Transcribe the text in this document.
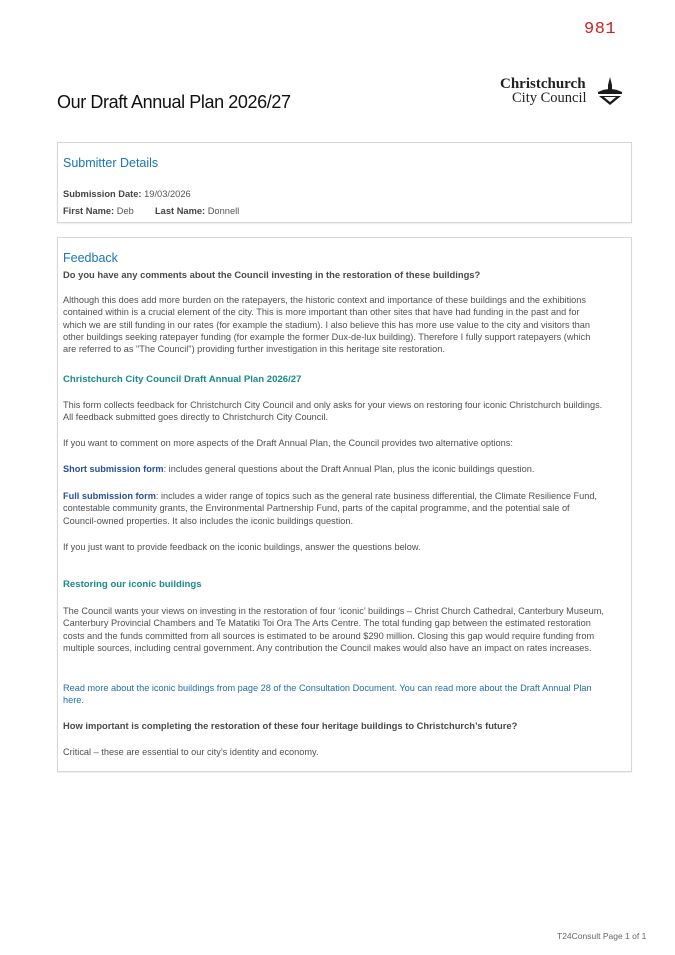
981
Christchurch
City Council
Our Draft Annual Plan 2026/27
Submitter Details
Submission Date: 19/03/2026
First Name: Deb Last Name: Donnell
Feedback

Do you have any comments about the Council investing in the restoration of these buildings?

Although this does add more burden on the ratepayers, the historic context and importance of these buildings and the exhibitions contained within is a crucial element of the city. This is more important than other sites that have had funding in the past and for which we are still funding in our rates (for example the stadium). I also believe this has more use value to the city and visitors than other buildings seeking ratepayer funding (for example the former Dux-de-lux building). Therefore I fully support ratepayers (which are referred to as "The Council") providing further investigation in this heritage site restoration.

Christchurch City Council Draft Annual Plan 2026/27

This form collects feedback for Christchurch City Council and only asks for your views on restoring four iconic Christchurch buildings. All feedback submitted goes directly to Christchurch City Council.

If you want to comment on more aspects of the Draft Annual Plan, the Council provides two alternative options:

Short submission form: includes general questions about the Draft Annual Plan, plus the iconic buildings question.

Full submission form: includes a wider range of topics such as the general rate business differential, the Climate Resilience Fund, contestable community grants, the Environmental Partnership Fund, parts of the capital programme, and the potential sale of Council-owned properties. It also includes the iconic buildings question.

If you just want to provide feedback on the iconic buildings, answer the questions below.

Restoring our iconic buildings

The Council wants your views on investing in the restoration of four ‘iconic’ buildings – Christ Church Cathedral, Canterbury Museum, Canterbury Provincial Chambers and Te Matatiki Toi Ora The Arts Centre. The total funding gap between the estimated restoration costs and the funds committed from all sources is estimated to be around $290 million. Closing this gap would require funding from multiple sources, including central government. Any contribution the Council makes would also have an impact on rates increases.

Read more about the iconic buildings from page 28 of the Consultation Document. You can read more about the Draft Annual Plan here.

How important is completing the restoration of these four heritage buildings to Christchurch’s future?

Critical – these are essential to our city’s identity and economy.

T24Consult Page 1 of 1
